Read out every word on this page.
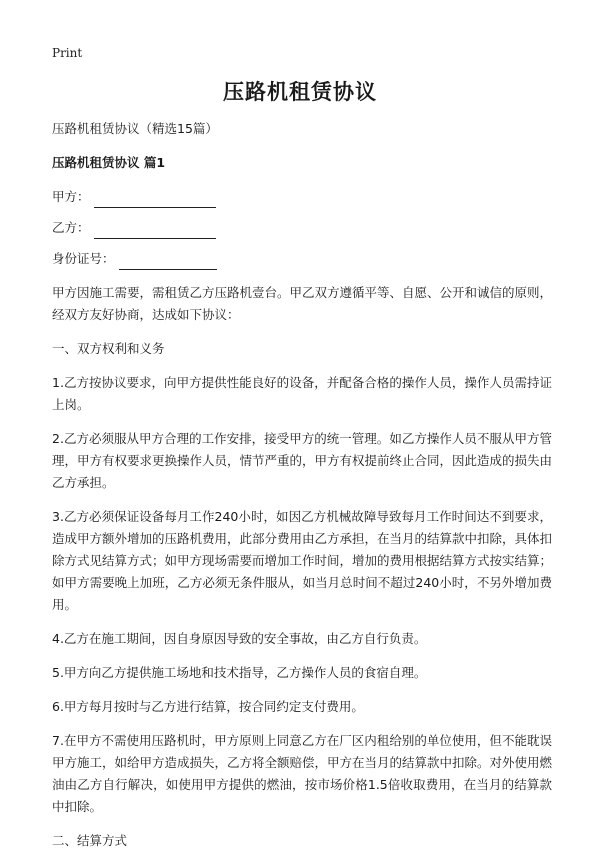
Print
压路机租赁协议

压路机租赁协议（精选15篇）

压路机租赁协议 篇1

甲方：
乙方：
身份证号：

甲方因施工需要，需租赁乙方压路机壹台。甲乙双方遵循平等、自愿、公开和诚信的原则，经双方友好协商，达成如下协议：

一、双方权利和义务

1.乙方按协议要求，向甲方提供性能良好的设备，并配备合格的操作人员，操作人员需持证上岗。

2.乙方必须服从甲方合理的工作安排，接受甲方的统一管理。如乙方操作人员不服从甲方管理，甲方有权要求更换操作人员，情节严重的，甲方有权提前终止合同，因此造成的损失由乙方承担。

3.乙方必须保证设备每月工作240小时，如因乙方机械故障导致每月工作时间达不到要求，造成甲方额外增加的压路机费用，此部分费用由乙方承担，在当月的结算款中扣除，具体扣除方式见结算方式；如甲方现场需要而增加工作时间，增加的费用根据结算方式按实结算；如甲方需要晚上加班，乙方必须无条件服从，如当月总时间不超过240小时，不另外增加费用。

4.乙方在施工期间，因自身原因导致的安全事故，由乙方自行负责。

5.甲方向乙方提供施工场地和技术指导，乙方操作人员的食宿自理。

6.甲方每月按时与乙方进行结算，按合同约定支付费用。

7.在甲方不需使用压路机时，甲方原则上同意乙方在厂区内租给别的单位使用，但不能耽误甲方施工，如给甲方造成损失，乙方将全额赔偿，甲方在当月的结算款中扣除。对外使用燃油由乙方自行解决，如使用甲方提供的燃油，按市场价格1.5倍收取费用，在当月的结算款中扣除。

二、结算方式
